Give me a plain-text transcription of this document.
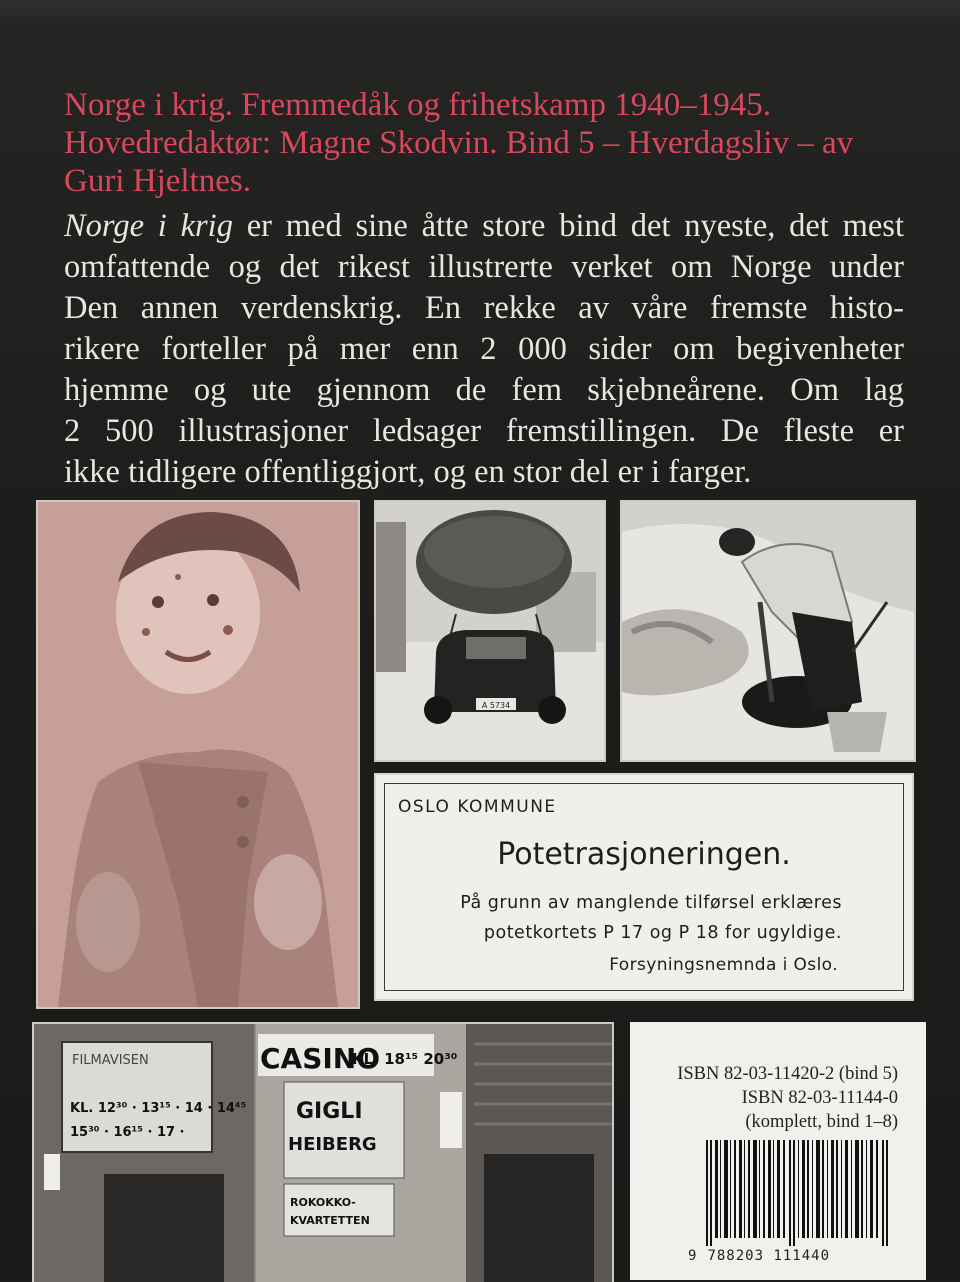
Norge i krig. Fremmedåk og frihetskamp 1940–1945.
Hovedredaktør: Magne Skodvin. Bind 5 – Hverdagsliv – av
Guri Hjeltnes.
Norge i krig er med sine åtte store bind det nyeste, det mest
omfattende og det rikest illustrerte verket om Norge under
Den annen verdenskrig. En rekke av våre fremste histo-
rikere forteller på mer enn 2 000 sider om begivenheter
hjemme og ute gjennom de fem skjebneårene. Om lag
2 500 illustrasjoner ledsager fremstillingen. De fleste er
ikke tidligere offentliggjort, og en stor del er i farger.
A 5734
OSLO KOMMUNE
Potetrasjoneringen.
På grunn av manglende tilførsel erklæres
potetkortets P 17 og P 18 for ugyldige.
Forsyningsnemnda i Oslo.
FILMAVISEN
KL. 12³⁰ · 13¹⁵ · 14 · 14⁴⁵
15³⁰ · 16¹⁵ · 17 ·
CASINO
KL. 18¹⁵ 20³⁰
GIGLI
HEIBERG
ROKOKKO-
KVARTETTEN
ISBN 82-03-11420-2 (bind 5)
ISBN 82-03-11144-0
(komplett, bind 1–8)
9 788203 111440
